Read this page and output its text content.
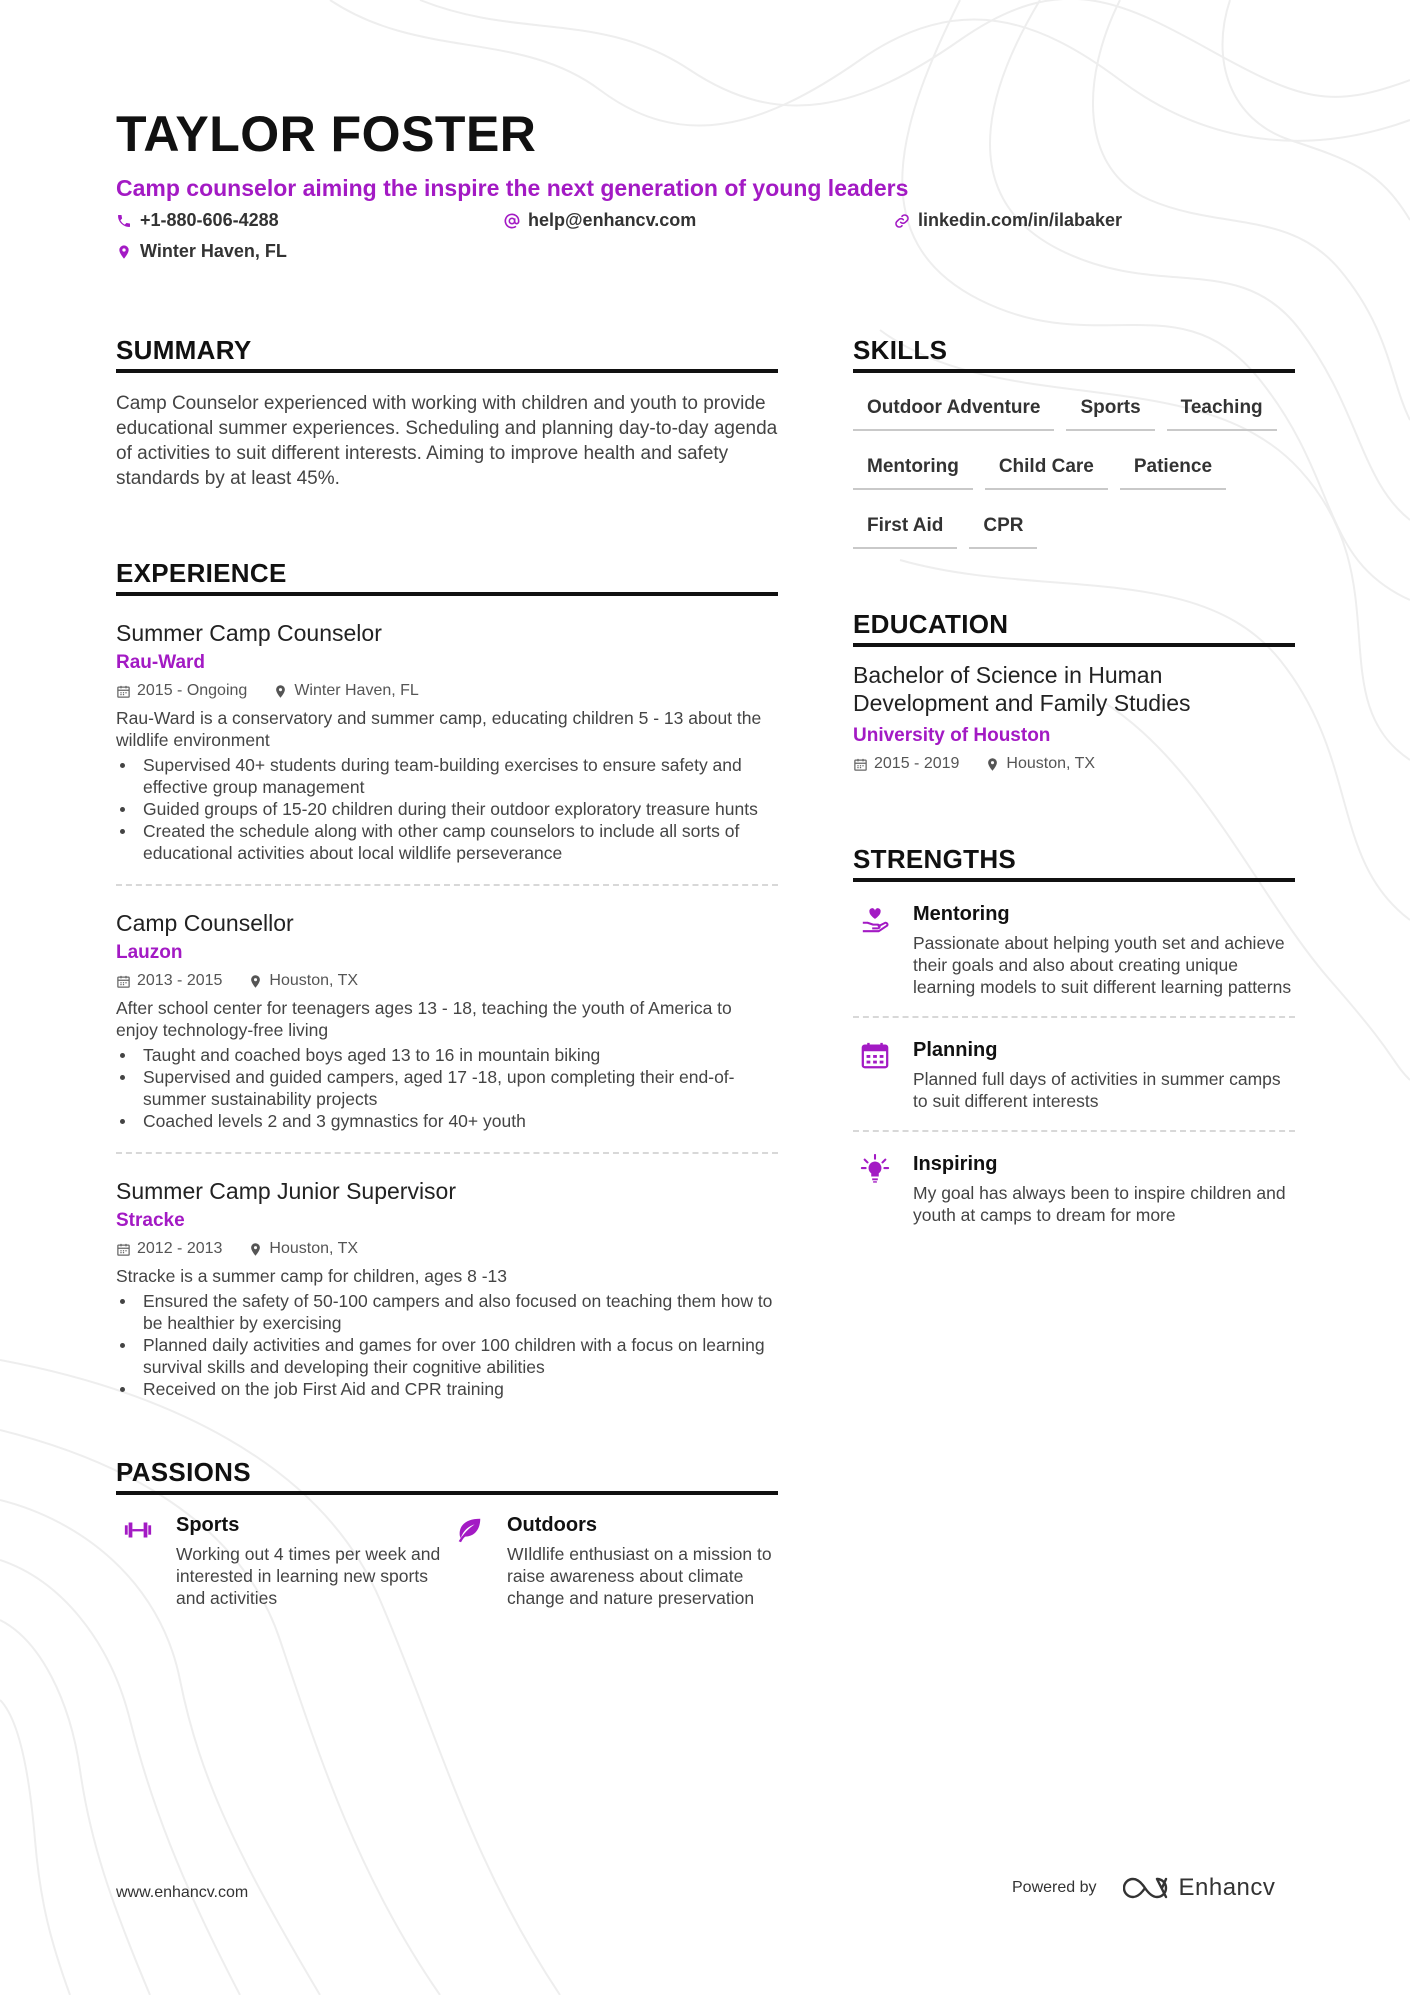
TAYLOR FOSTER
Camp counselor aiming the inspire the next generation of young leaders
+1-880-606-4288	help@enhancv.com	linkedin.com/in/ilabaker
Winter Haven, FL
SUMMARY
Camp Counselor experienced with working with children and youth to provide educational summer experiences. Scheduling and planning day-to-day agenda of activities to suit different interests. Aiming to improve health and safety standards by at least 45%.
EXPERIENCE
Summer Camp Counselor
Rau-Ward
2015 - Ongoing	Winter Haven, FL
Rau-Ward is a conservatory and summer camp, educating children 5 - 13 about the wildlife environment
Supervised 40+ students during team-building exercises to ensure safety and effective group management
Guided groups of 15-20 children during their outdoor exploratory treasure hunts
Created the schedule along with other camp counselors to include all sorts of educational activities about local wildlife perseverance
Camp Counsellor
Lauzon
2013 - 2015	Houston, TX
After school center for teenagers ages 13 - 18, teaching the youth of America to enjoy technology-free living
Taught and coached boys aged 13 to 16 in mountain biking
Supervised and guided campers, aged 17 -18, upon completing their end-of-summer sustainability projects
Coached levels 2 and 3 gymnastics for 40+ youth
Summer Camp Junior Supervisor
Stracke
2012 - 2013	Houston, TX
Stracke is a summer camp for children, ages 8 -13
Ensured the safety of 50-100 campers and also focused on teaching them how to be healthier by exercising
Planned daily activities and games for over 100 children with a focus on learning survival skills and developing their cognitive abilities
Received on the job First Aid and CPR training
PASSIONS
Sports
Working out 4 times per week and interested in learning new sports and activities
Outdoors
WIldlife enthusiast on a mission to raise awareness about climate change and nature preservation
SKILLS
Outdoor Adventure	Sports	Teaching
Mentoring	Child Care	Patience
First Aid	CPR
EDUCATION
Bachelor of Science in Human Development and Family Studies
University of Houston
2015 - 2019	Houston, TX
STRENGTHS
Mentoring
Passionate about helping youth set and achieve their goals and also about creating unique learning models to suit different learning patterns
Planning
Planned full days of activities in summer camps to suit different interests
Inspiring
My goal has always been to inspire children and youth at camps to dream for more
www.enhancv.com	Powered by	Enhancv
